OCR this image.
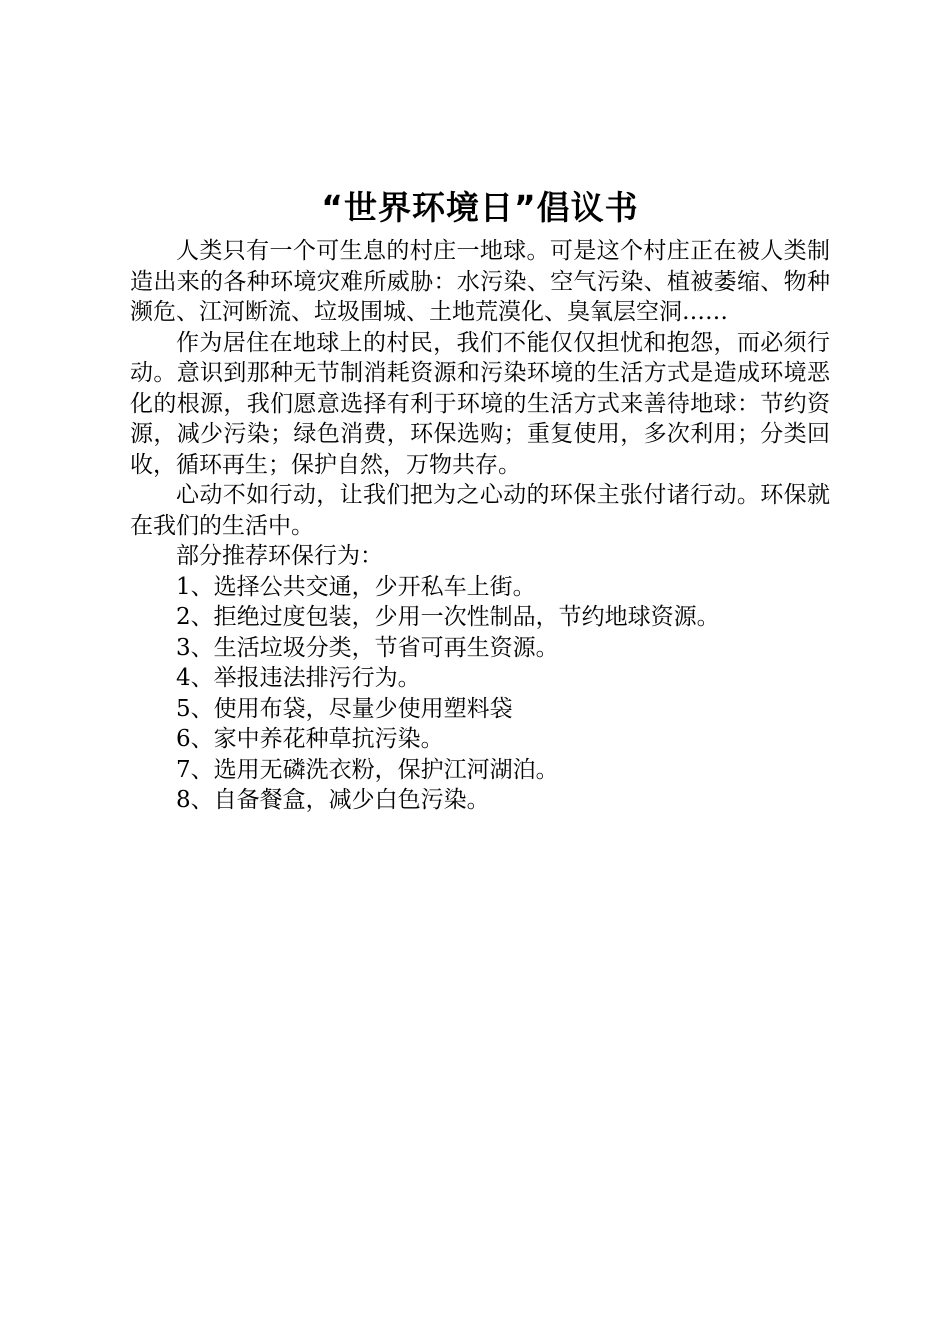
“世界环境日”倡议书

人类只有一个可生息的村庄一地球。可是这个村庄正在被人类制造出来的各种环境灾难所威胁：水污染、空气污染、植被萎缩、物种濒危、江河断流、垃圾围城、土地荒漠化、臭氧层空洞……

作为居住在地球上的村民，我们不能仅仅担忧和抱怨，而必须行动。意识到那种无节制消耗资源和污染环境的生活方式是造成环境恶化的根源，我们愿意选择有利于环境的生活方式来善待地球：节约资源，减少污染；绿色消费，环保选购；重复使用，多次利用；分类回收，循环再生；保护自然，万物共存。

心动不如行动，让我们把为之心动的环保主张付诸行动。环保就在我们的生活中。

部分推荐环保行为：

1、选择公共交通，少开私车上街。

2、拒绝过度包装，少用一次性制品，节约地球资源。

3、生活垃圾分类，节省可再生资源。

4、举报违法排污行为。

5、使用布袋，尽量少使用塑料袋

6、家中养花种草抗污染。

7、选用无磷洗衣粉，保护江河湖泊。

8、自备餐盒，减少白色污染。
